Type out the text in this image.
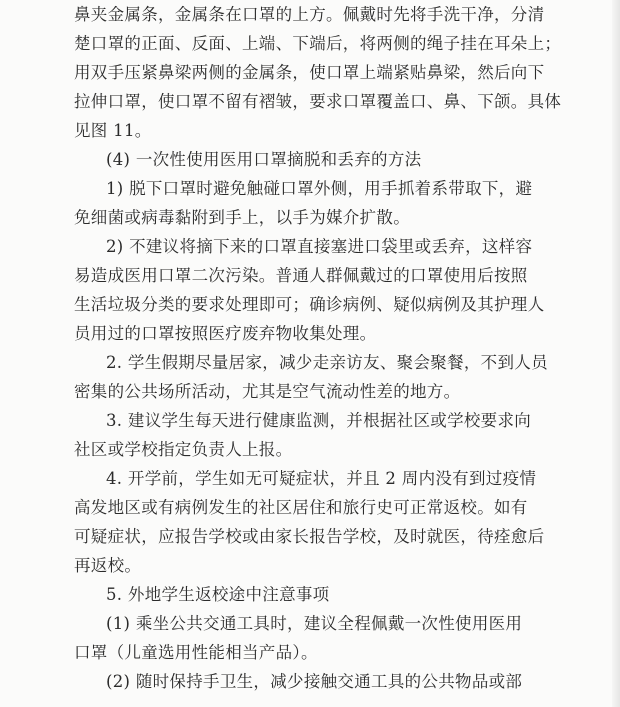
鼻夹金属条，金属条在口罩的上方。佩戴时先将手洗干净，分清
楚口罩的正面、反面、上端、下端后，将两侧的绳子挂在耳朵上；
用双手压紧鼻梁两侧的金属条，使口罩上端紧贴鼻梁，然后向下
拉伸口罩，使口罩不留有褶皱，要求口罩覆盖口、鼻、下颌。具体
见图 11。
(4) 一次性使用医用口罩摘脱和丢弃的方法
1) 脱下口罩时避免触碰口罩外侧，用手抓着系带取下，避
免细菌或病毒黏附到手上，以手为媒介扩散。
2) 不建议将摘下来的口罩直接塞进口袋里或丢弃，这样容
易造成医用口罩二次污染。普通人群佩戴过的口罩使用后按照
生活垃圾分类的要求处理即可；确诊病例、疑似病例及其护理人
员用过的口罩按照医疗废弃物收集处理。
2. 学生假期尽量居家，减少走亲访友、聚会聚餐，不到人员
密集的公共场所活动，尤其是空气流动性差的地方。
3. 建议学生每天进行健康监测，并根据社区或学校要求向
社区或学校指定负责人上报。
4. 开学前，学生如无可疑症状，并且 2 周内没有到过疫情
高发地区或有病例发生的社区居住和旅行史可正常返校。如有
可疑症状，应报告学校或由家长报告学校，及时就医，待痊愈后
再返校。
5. 外地学生返校途中注意事项
(1) 乘坐公共交通工具时，建议全程佩戴一次性使用医用
口罩（儿童选用性能相当产品）。
(2) 随时保持手卫生，减少接触交通工具的公共物品或部
